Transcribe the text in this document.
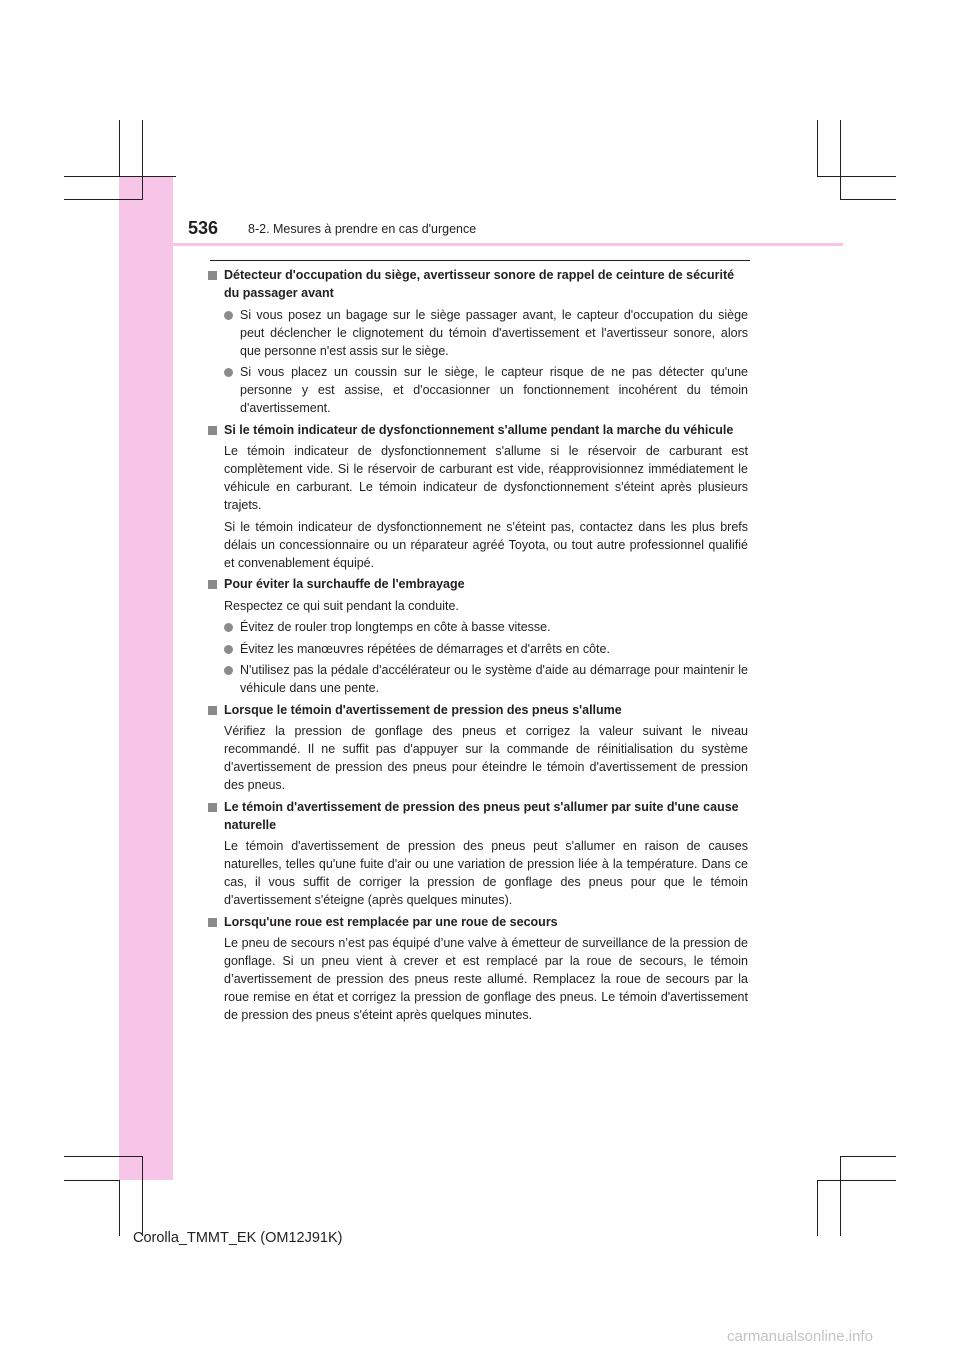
536 8-2. Mesures à prendre en cas d'urgence
Détecteur d'occupation du siège, avertisseur sonore de rappel de ceinture de sécurité du passager avant
Si vous posez un bagage sur le siège passager avant, le capteur d'occupation du siège peut déclencher le clignotement du témoin d'avertissement et l'avertisseur sonore, alors que personne n'est assis sur le siège.
Si vous placez un coussin sur le siège, le capteur risque de ne pas détecter qu'une personne y est assise, et d'occasionner un fonctionnement incohérent du témoin d'avertissement.
Si le témoin indicateur de dysfonctionnement s'allume pendant la marche du véhicule
Le témoin indicateur de dysfonctionnement s'allume si le réservoir de carburant est complètement vide. Si le réservoir de carburant est vide, réapprovisionnez immédiatement le véhicule en carburant. Le témoin indicateur de dysfonctionnement s'éteint après plusieurs trajets.
Si le témoin indicateur de dysfonctionnement ne s'éteint pas, contactez dans les plus brefs délais un concessionnaire ou un réparateur agréé Toyota, ou tout autre professionnel qualifié et convenablement équipé.
Pour éviter la surchauffe de l'embrayage
Respectez ce qui suit pendant la conduite.
Évitez de rouler trop longtemps en côte à basse vitesse.
Évitez les manœuvres répétées de démarrages et d'arrêts en côte.
N'utilisez pas la pédale d'accélérateur ou le système d'aide au démarrage pour maintenir le véhicule dans une pente.
Lorsque le témoin d'avertissement de pression des pneus s'allume
Vérifiez la pression de gonflage des pneus et corrigez la valeur suivant le niveau recommandé. Il ne suffit pas d'appuyer sur la commande de réinitialisation du système d'avertissement de pression des pneus pour éteindre le témoin d'avertissement de pression des pneus.
Le témoin d'avertissement de pression des pneus peut s'allumer par suite d'une cause naturelle
Le témoin d'avertissement de pression des pneus peut s'allumer en raison de causes naturelles, telles qu'une fuite d'air ou une variation de pression liée à la température. Dans ce cas, il vous suffit de corriger la pression de gonflage des pneus pour que le témoin d'avertissement s'éteigne (après quelques minutes).
Lorsqu'une roue est remplacée par une roue de secours
Le pneu de secours n’est pas équipé d’une valve à émetteur de surveillance de la pression de gonflage. Si un pneu vient à crever et est remplacé par la roue de secours, le témoin d’avertissement de pression des pneus reste allumé. Remplacez la roue de secours par la roue remise en état et corrigez la pression de gonflage des pneus. Le témoin d'avertissement de pression des pneus s'éteint après quelques minutes.
Corolla_TMMT_EK (OM12J91K)
carmanualsonline.info
